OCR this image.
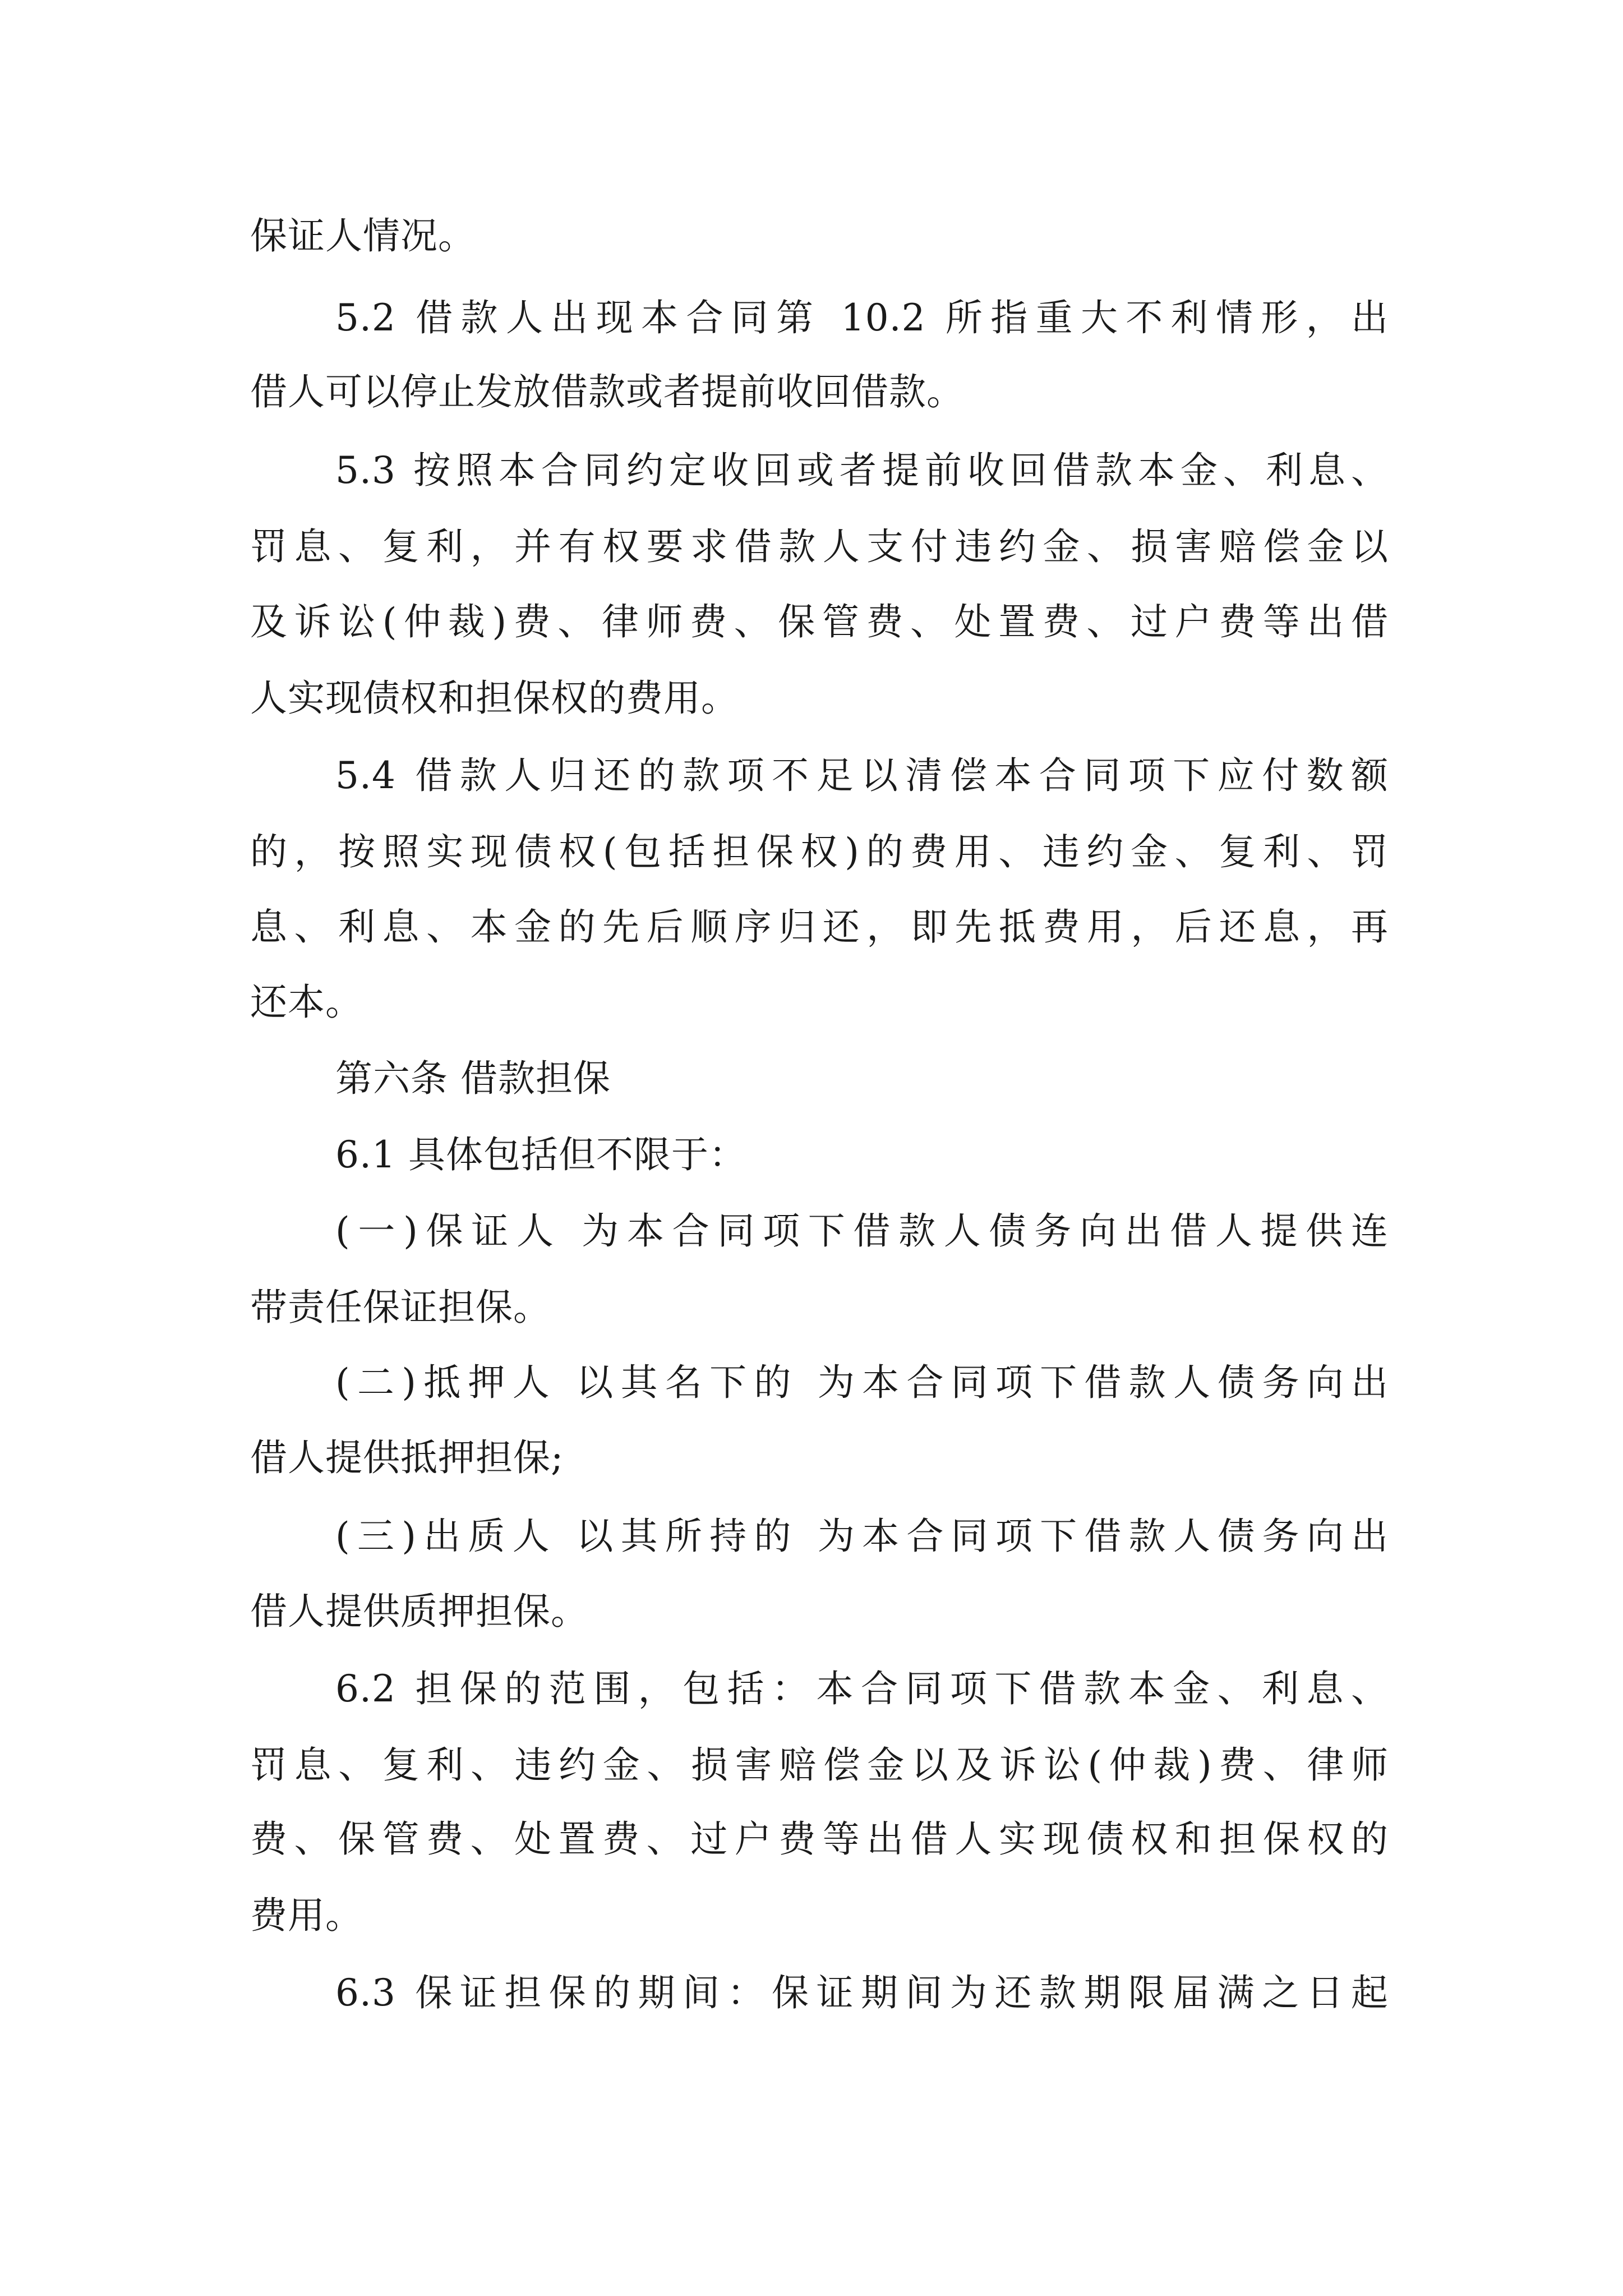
保证人情况。
5.2 借款人出现本合同第 10.2 所指重大不利情形，出
借人可以停止发放借款或者提前收回借款。
5.3 按照本合同约定收回或者提前收回借款本金、利息、
罚息、复利，并有权要求借款人支付违约金、损害赔偿金以
及诉讼(仲裁)费、律师费、保管费、处置费、过户费等出借
人实现债权和担保权的费用。
5.4 借款人归还的款项不足以清偿本合同项下应付数额
的，按照实现债权(包括担保权)的费用、违约金、复利、罚
息、利息、本金的先后顺序归还，即先抵费用，后还息，再
还本。
第六条 借款担保
6.1 具体包括但不限于：
(一)保证人 为本合同项下借款人债务向出借人提供连
带责任保证担保。
(二)抵押人 以其名下的 为本合同项下借款人债务向出
借人提供抵押担保;
(三)出质人 以其所持的 为本合同项下借款人债务向出
借人提供质押担保。
6.2 担保的范围，包括：本合同项下借款本金、利息、
罚息、复利、违约金、损害赔偿金以及诉讼(仲裁)费、律师
费、保管费、处置费、过户费等出借人实现债权和担保权的
费用。
6.3 保证担保的期间：保证期间为还款期限届满之日起
